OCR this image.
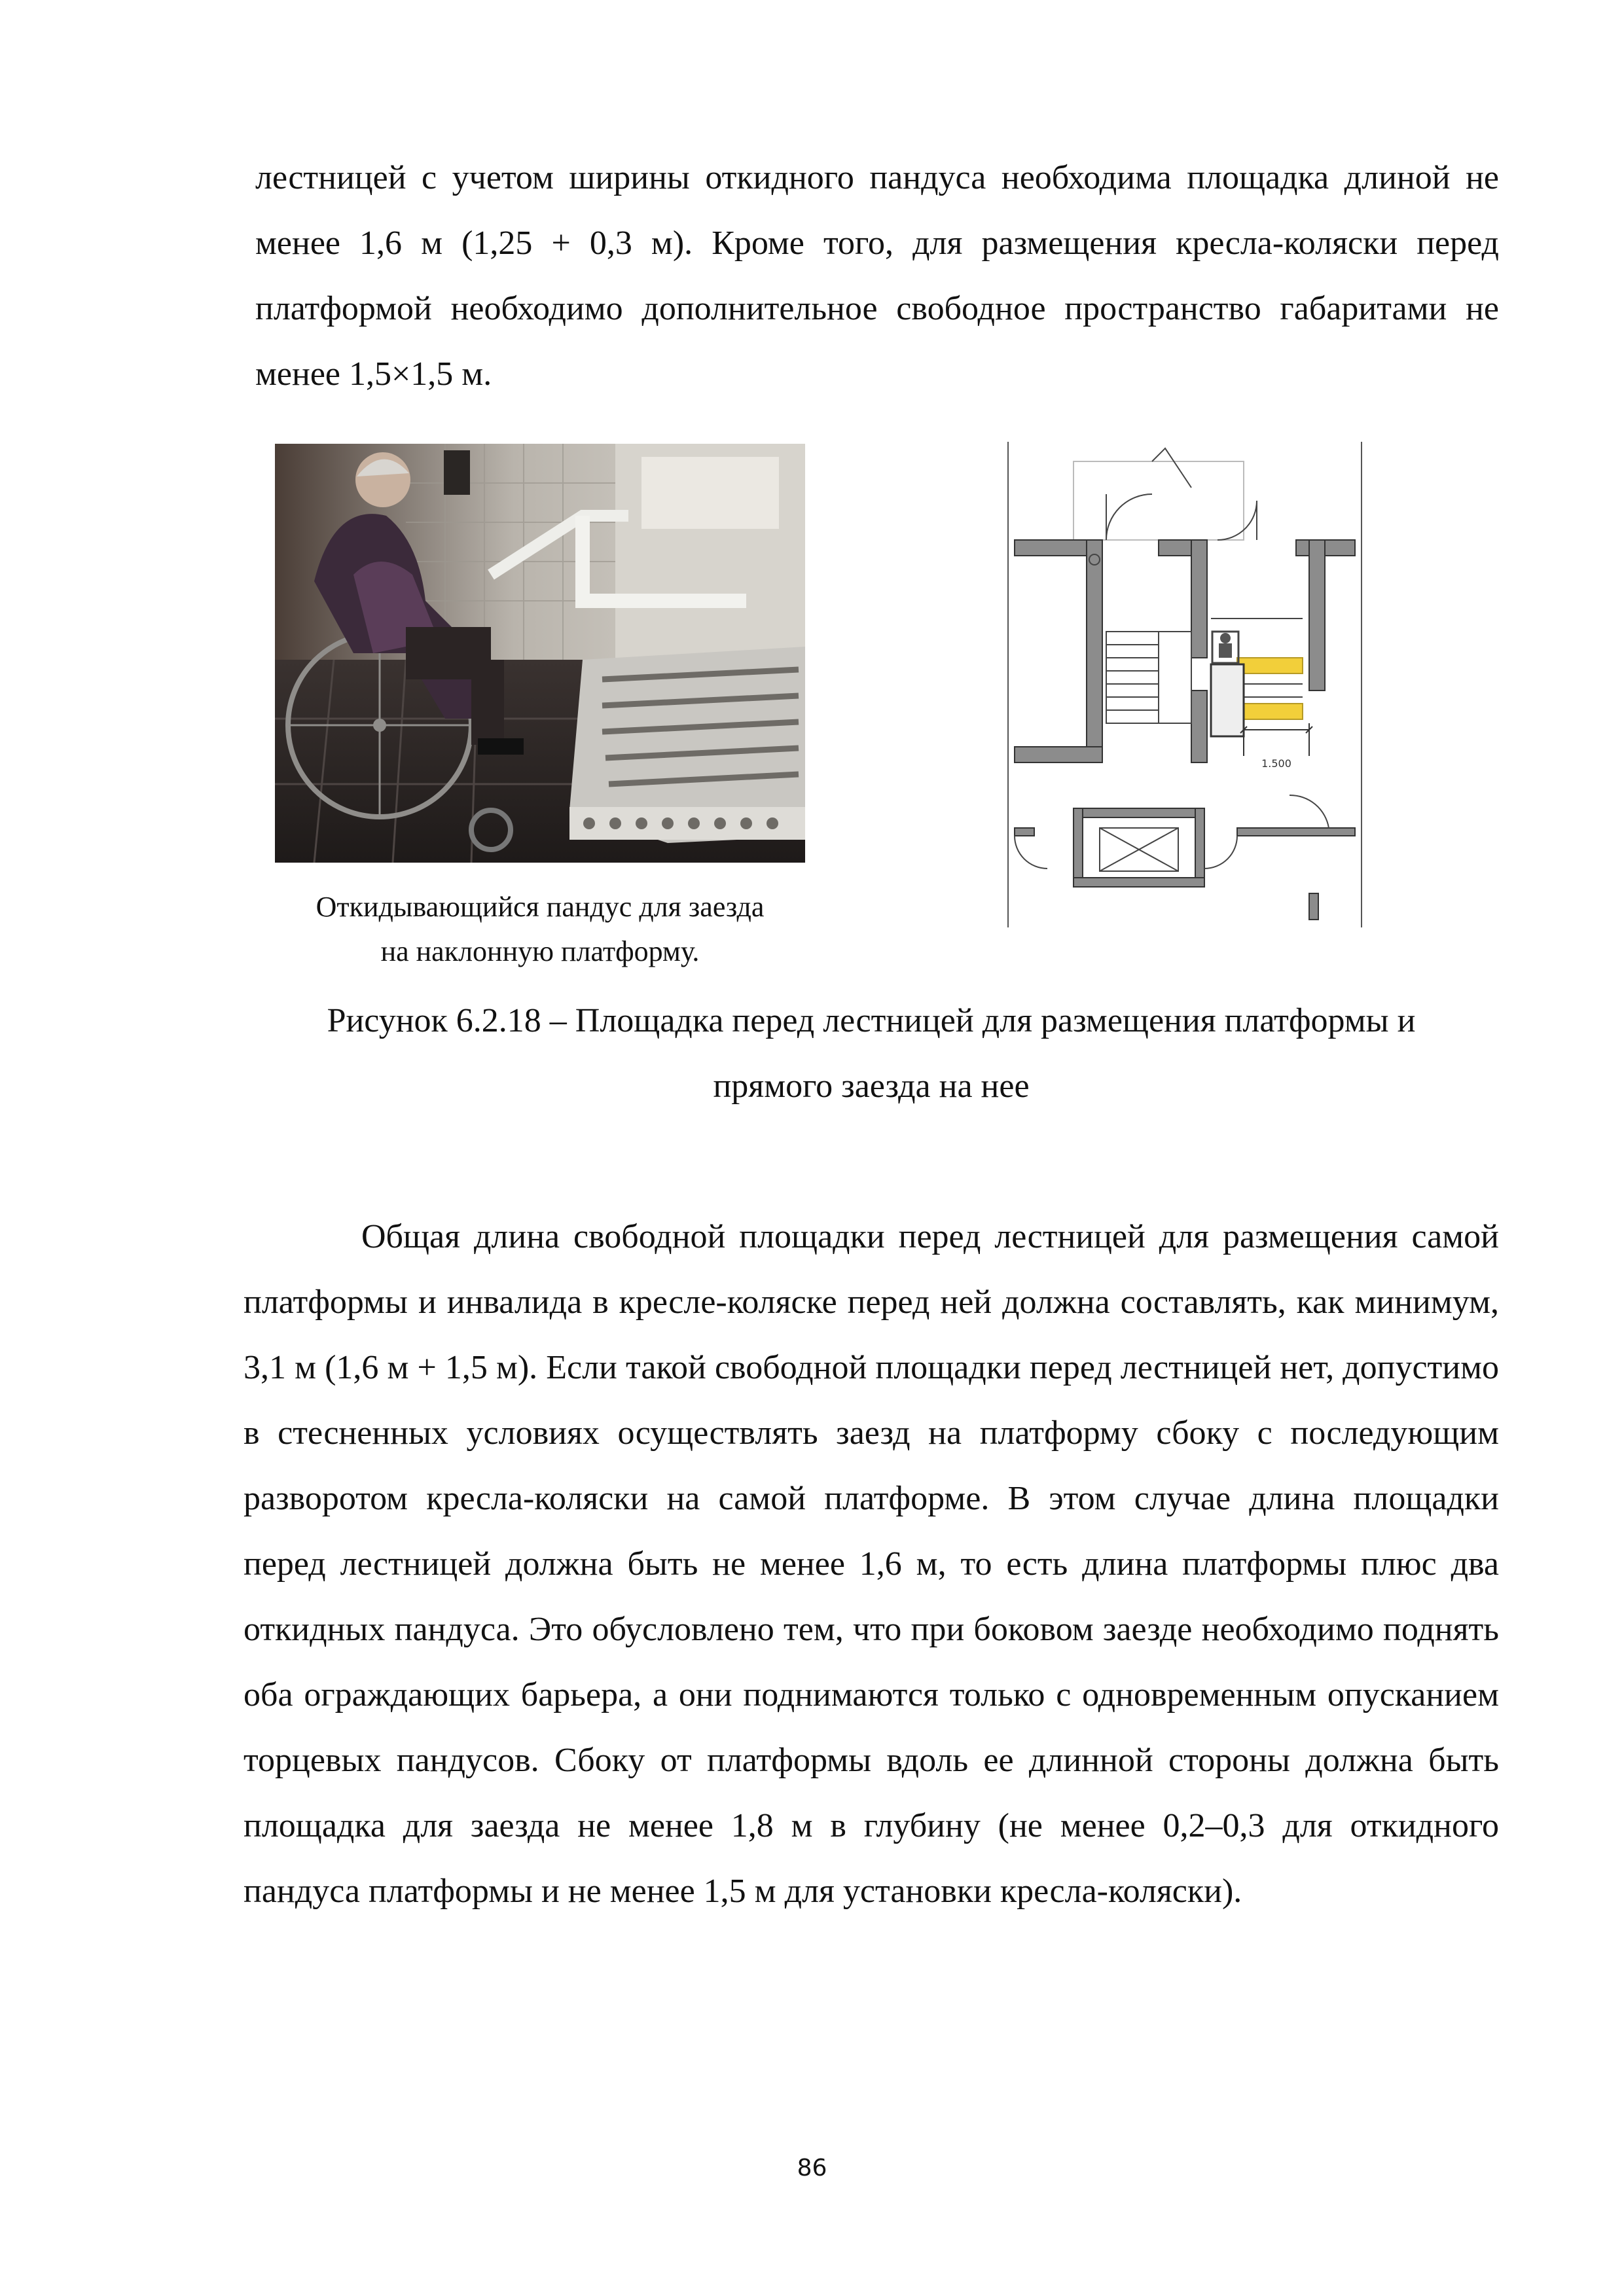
лестницей с учетом ширины откидного пандуса необходима площадка длиной не менее 1,6 м (1,25 + 0,3 м). Кроме того, для размещения кресла-коляски перед платформой необходимо дополнительное свободное пространство габаритами не менее 1,5×1,5 м.

Откидывающийся пандус для заезда
на наклонную платформу.
1.500
Рисунок 6.2.18 – Площадка перед лестницей для размещения платформы и
прямого заезда на нее

Общая длина свободной площадки перед лестницей для размещения самой платформы и инвалида в кресле-коляске перед ней должна составлять, как минимум, 3,1 м (1,6 м + 1,5 м). Если такой свободной площадки перед лестницей нет, допустимо в стесненных условиях осуществлять заезд на платформу сбоку с последующим разворотом кресла-коляски на самой платформе. В этом случае длина площадки перед лестницей должна быть не менее 1,6 м, то есть длина платформы плюс два откидных пандуса. Это обусловлено тем, что при боковом заезде необходимо поднять оба ограждающих барьера, а они поднимаются только с одновременным опусканием торцевых пандусов. Сбоку от платформы вдоль ее длинной стороны должна быть площадка для заезда не менее 1,8 м в глубину (не менее 0,2–0,3 для откидного пандуса платформы и не менее 1,5 м для установки кресла-коляски).

86
